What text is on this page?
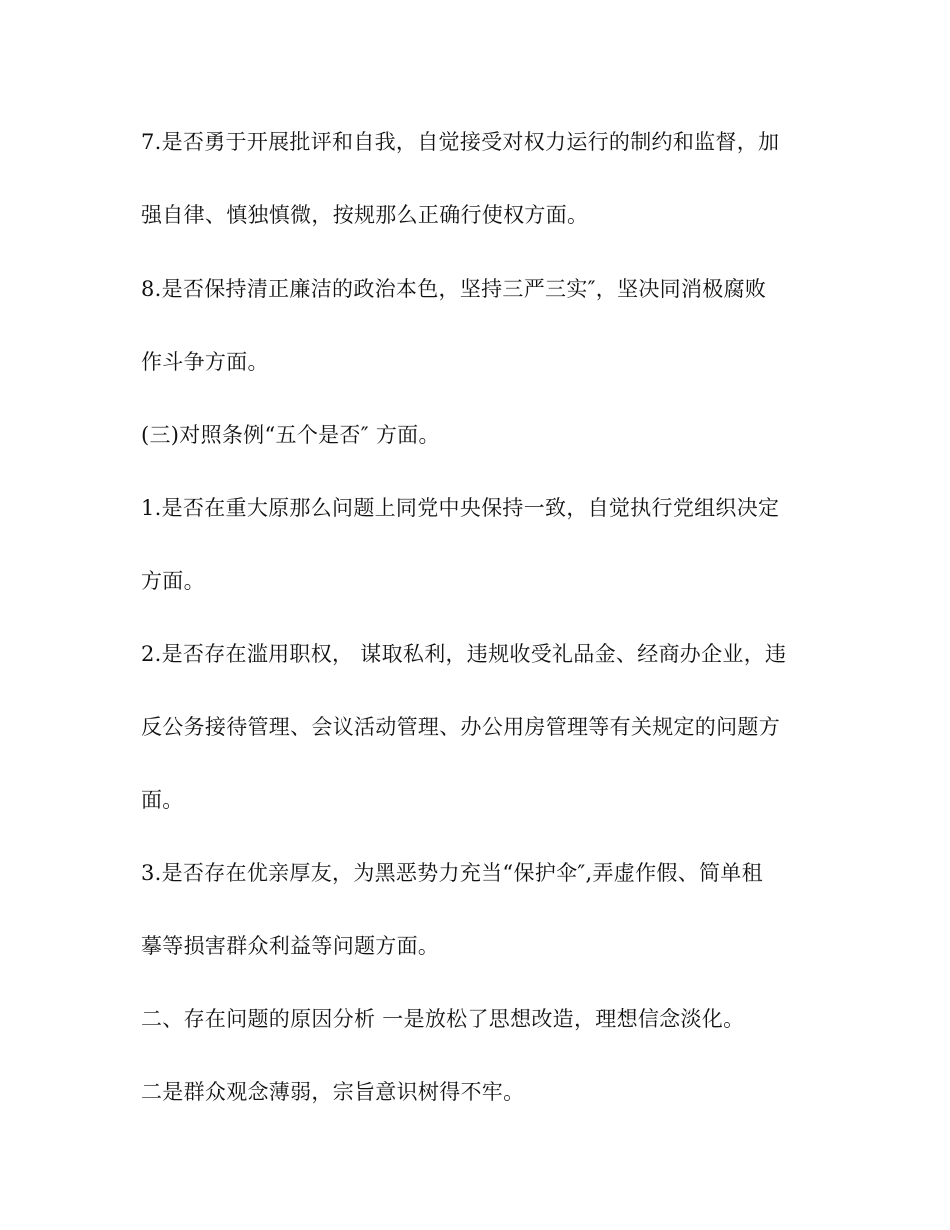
7.是否勇于开展批评和自我，自觉接受对权力运行的制约和监督，加
强自律、慎独慎微，按规那么正确行使权方面。
8.是否保持清正廉洁的政治本色，坚持三严三实″，坚决同消极腐败
作斗争方面。
(三)对照条例“五个是否″ 方面。
1.是否在重大原那么问题上同党中央保持一致，自觉执行党组织决定
方面。
2.是否存在滥用职权， 谋取私利，违规收受礼品金、经商办企业，违
反公务接待管理、会议活动管理、办公用房管理等有关规定的问题方
面。
3.是否存在优亲厚友，为黑恶势力充当“保护伞″,弄虚作假、简单租
摹等损害群众利益等问题方面。
二、存在问题的原因分析 一是放松了思想改造，理想信念淡化。
二是群众观念薄弱，宗旨意识树得不牢。
